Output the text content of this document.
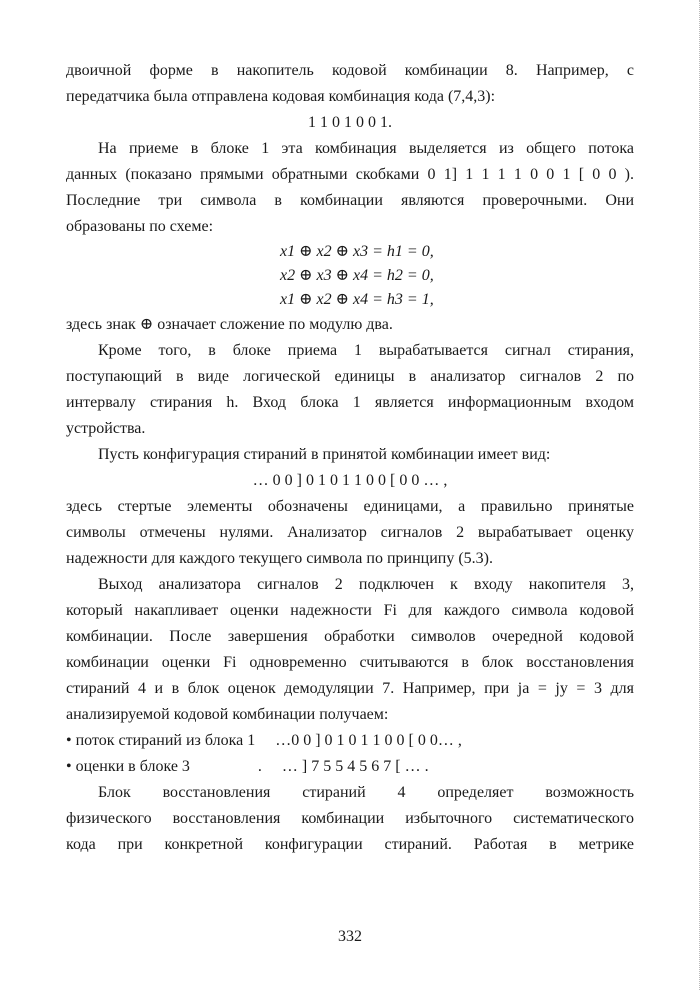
двоичной форме в накопитель кодовой комбинации 8. Например, с
передатчика была отправлена кодовая комбинация кода (7,4,3):
1 1 0 1 0 0 1.
На приеме в блоке 1 эта комбинация выделяется из общего потока
данных (показано прямыми обратными скобками 0 1] 1 1 1 1 0 0 1 [ 0 0 ).
Последние три символа в комбинации являются проверочными. Они
образованы по схеме:
x1 ⊕ x2 ⊕ x3 = h1 = 0,
x2 ⊕ x3 ⊕ x4 = h2 = 0,
x1 ⊕ x2 ⊕ x4 = h3 = 1,
здесь знак ⊕ означает сложение по модулю два.
Кроме того, в блоке приема 1 вырабатывается сигнал стирания,
поступающий в виде логической единицы в анализатор сигналов 2 по
интервалу стирания h. Вход блока 1 является информационным входом
устройства.
Пусть конфигурация стираний в принятой комбинации имеет вид:
… 0 0 ] 0 1 0 1 1 0 0 [ 0 0 … ,
здесь стертые элементы обозначены единицами, а правильно принятые
символы отмечены нулями. Анализатор сигналов 2 вырабатывает оценку
надежности для каждого текущего символа по принципу (5.3).
Выход анализатора сигналов 2 подключен к входу накопителя 3,
который накапливает оценки надежности Fi для каждого символа кодовой
комбинации. После завершения обработки символов очередной кодовой
комбинации оценки Fi одновременно считываются в блок восстановления
стираний 4 и в блок оценок демодуляции 7. Например, при jа = jу = 3 для
анализируемой кодовой комбинации получаем:
• поток стираний из блока 1     …0 0 ] 0 1 0 1 1 0 0 [ 0 0… ,
• оценки в блоке 3                 .     … ] 7 5 5 4 5 6 7 [ … .
Блок восстановления стираний 4 определяет возможность
физического восстановления комбинации избыточного систематического
кода при конкретной конфигурации стираний. Работая в метрике
332
